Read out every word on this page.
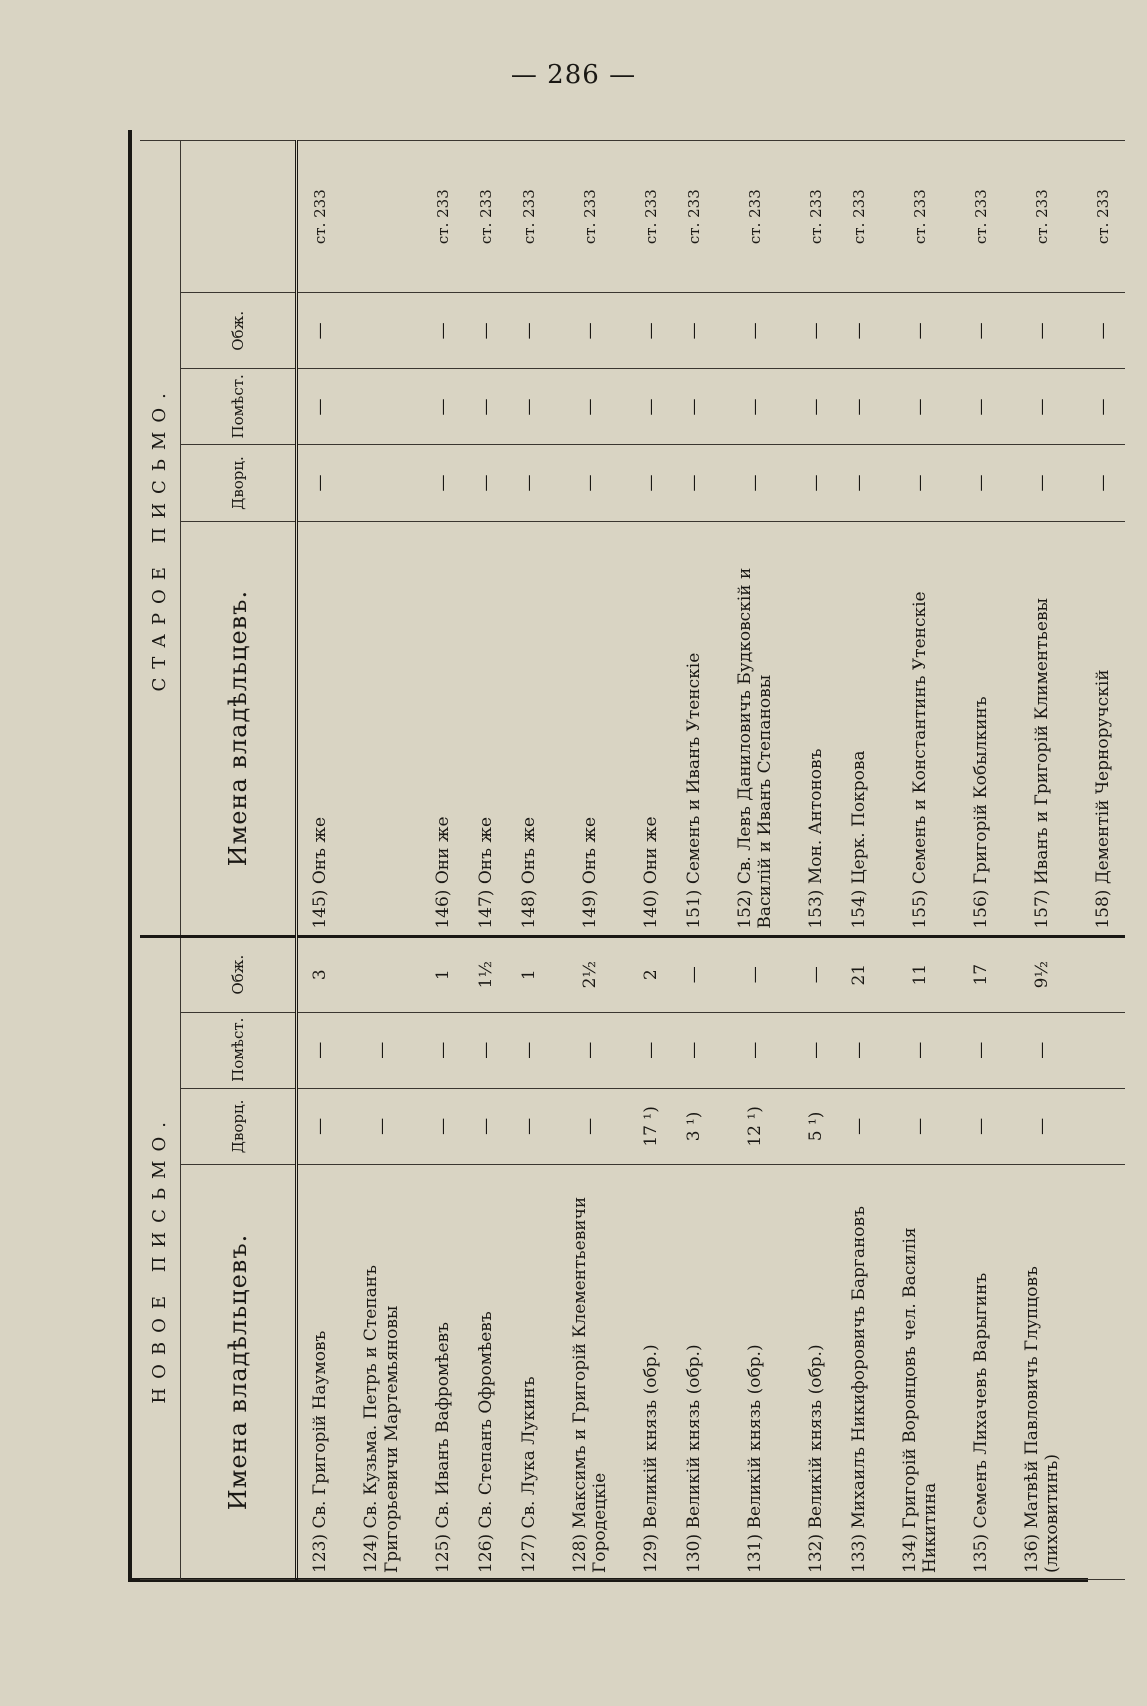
— 286 —
НОВОЕ ПИСЬМО.				СТАРОЕ ПИСЬМО.				
Имена владѣльцевъ.	Дворц.	Помѣст.	Обж.	Имена владѣльцевъ.	Дворц.	Помѣст.	Обж.	
123) Св. Григорій Наумовъ	—	—	3	145) Онъ же	—	—	—	ст. 233
124) Св. Кузьма. Петръ и Степанъ Григорьевичи Мартемьяновы	—	—						
125) Св. Иванъ Вафромѣевъ	—	—	1	146) Они же	—	—	—	ст. 233
126) Св. Степанъ Офромѣевъ	—	—	1½	147) Онъ же	—	—	—	ст. 233
127) Св. Лука Лукинъ	—	—	1	148) Онъ же	—	—	—	ст. 233
128) Максимъ и Григорій Клементьевичи Городецкіе	—	—	2½	149) Онъ же	—	—	—	ст. 233
129) Великій князь (обр.)	17 ¹)	—	2	140) Они же	—	—	—	ст. 233
130) Великій князь (обр.)	3 ¹)	—	—	151) Семенъ и Иванъ Утенскіе	—	—	—	ст. 233
131) Великій князь (обр.)	12 ¹)	—	—	152) Св. Левъ Даниловичъ Будковскій и Василій и Иванъ Степановы	—	—	—	ст. 233
132) Великій князь (обр.)	5 ¹)	—	—	153) Мон. Антоновъ	—	—	—	ст. 233
133) Михаилъ Никифоровичъ Баргановъ	—	—	21	154) Церк. Покрова	—	—	—	ст. 233
134) Григорій Воронцовъ чел. Василія Никитина	—	—	11	155) Семенъ и Константинъ Утенскіе	—	—	—	ст. 233
135) Семенъ Лихачевъ Варыгинъ	—	—	17	156) Григорій Кобылкинъ	—	—	—	ст. 233
136) Матвѣй Павловичъ Глупцовъ (лиховитинъ)	—	—	9½	157) Иванъ и Григорій Климентьевы	—	—	—	ст. 233
				158) Дементій Черноручскій	—	—	—	ст. 233
